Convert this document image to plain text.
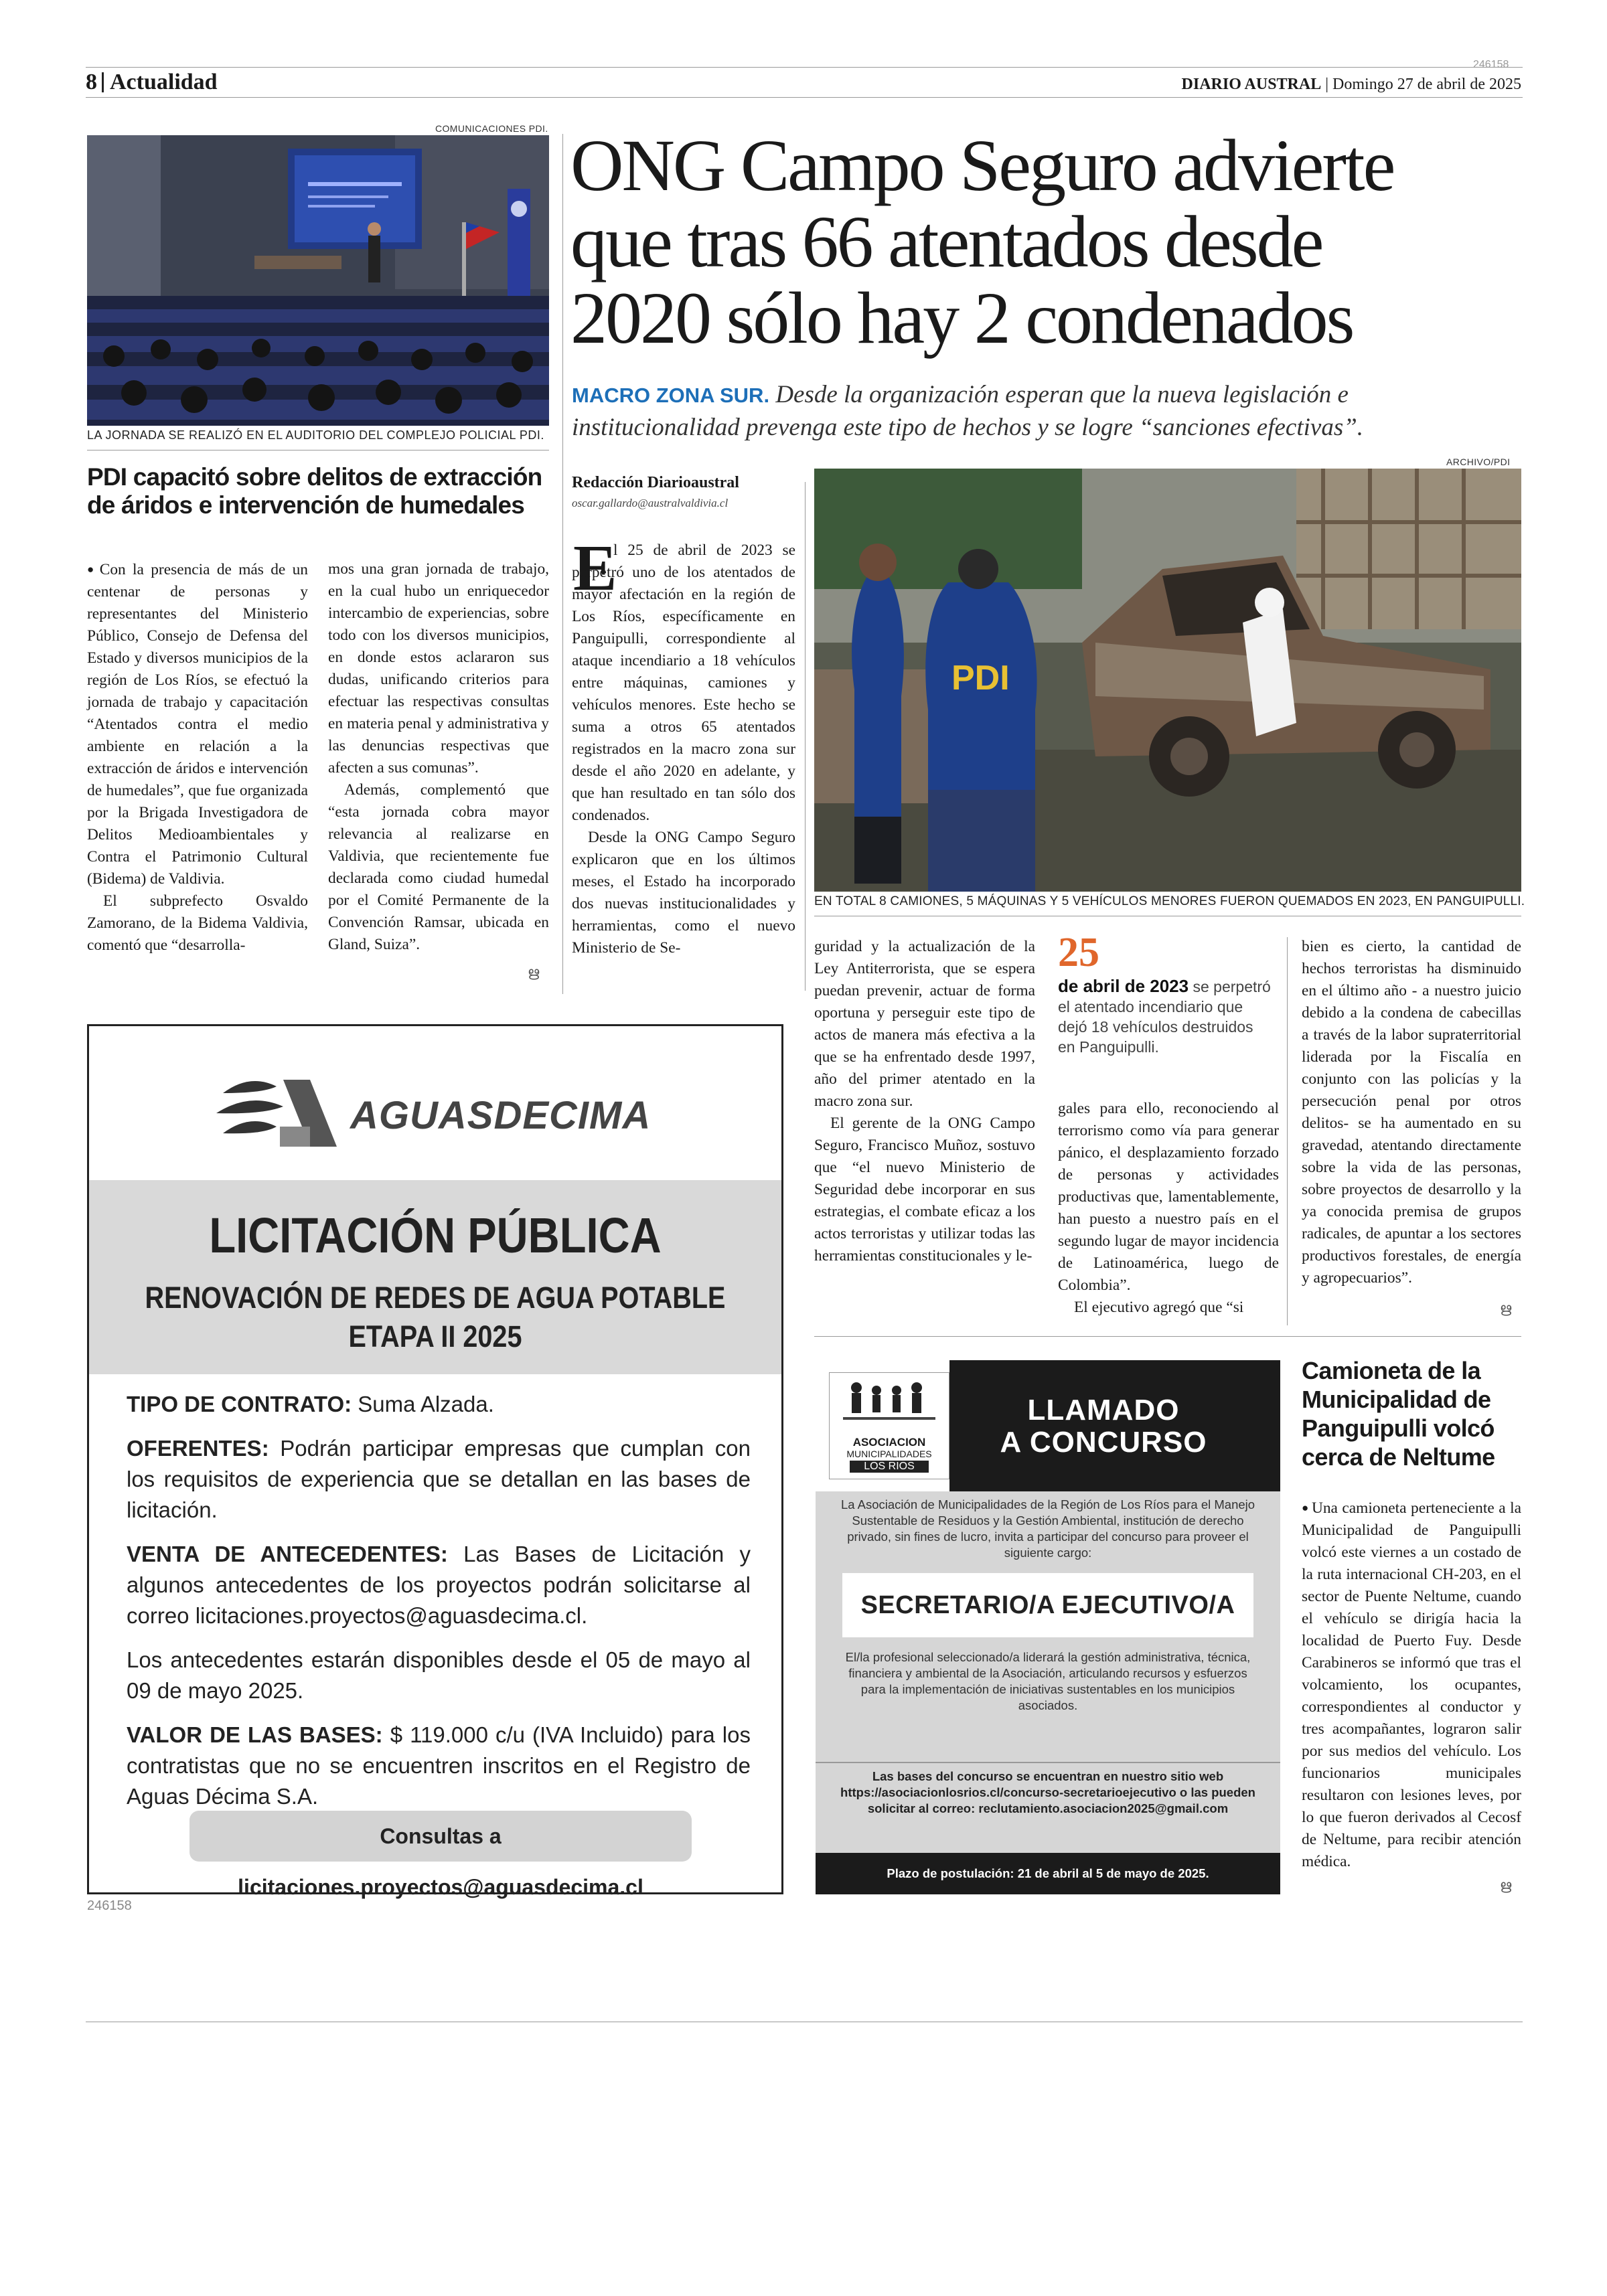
8 Actualidad
246158
DIARIO AUSTRAL | Domingo 27 de abril de 2025
COMUNICACIONES PDI.
LA JORNADA SE REALIZÓ EN EL AUDITORIO DEL COMPLEJO POLICIAL PDI.
PDI capacitó sobre delitos de extracción
de áridos e intervención de humedales

● Con la presencia de más de un centenar de personas y representantes del Ministerio Público, Consejo de Defensa del Estado y diversos municipios de la región de Los Ríos, se efectuó la jornada de trabajo y capacitación “Atentados contra el medio ambiente en relación a la extracción de áridos e intervención de humedales”, que fue organizada por la Brigada Investigadora de Delitos Medioambientales y Contra el Patrimonio Cultural (Bidema) de Valdivia.

El subprefecto Osvaldo Zamorano, de la Bidema Valdivia, comentó que “desarrolla-

mos una gran jornada de trabajo, en la cual hubo un enriquecedor intercambio de experiencias, sobre todo con los diversos municipios, en donde estos aclararon sus dudas, unificando criterios para efectuar las respectivas consultas en materia penal y administrativa y las denuncias respectivas que afecten a sus comunas”.

Además, complementó que “esta jornada cobra mayor relevancia al realizarse en Valdivia, que recientemente fue declarada como ciudad humedal por el Comité Permanente de la Convención Ramsar, ubicada en Gland, Suiza”.

ഋ
ONG Campo Seguro advierte
que tras 66 atentados desde
2020 sólo hay 2 condenados
MACRO ZONA SUR. Desde la organización esperan que la nueva legislación e
institucionalidad prevenga este tipo de hechos y se logre “sanciones efectivas”.
Redacción Diarioaustral
oscar.gallardo@australvaldivia.cl
ARCHIVO/PDI
PDI
EN TOTAL 8 CAMIONES, 5 MÁQUINAS Y 5 VEHÍCULOS MENORES FUERON QUEMADOS EN 2023, EN PANGUIPULLI.
E

l 25 de abril de 2023 se perpetró uno de los atentados de mayor afectación en la región de Los Ríos, específicamente en Panguipulli, correspondiente al ataque incendiario a 18 vehículos entre máquinas, camiones y vehículos menores. Este hecho se suma a otros 65 atentados registrados en la macro zona sur desde el año 2020 en adelante, y que han resultado en tan sólo dos condenados.

Desde la ONG Campo Seguro explicaron que en los últimos meses, el Estado ha incorporado dos nuevas institucionalidades y herramientas, como el nuevo Ministerio de Se-	guridad y la actualización de la Ley Antiterrorista, que se espera puedan prevenir, actuar de forma oportuna y perseguir este tipo de actos de manera más efectiva a la que se ha enfrentado desde 1997, año del primer atentado en la macro zona sur.

El gerente de la ONG Campo Seguro, Francisco Muñoz, sostuvo que “el nuevo Ministerio de Seguridad debe incorporar en sus estrategias, el combate eficaz a los actos terroristas y utilizar todas las herramientas constitucionales y le-

25
de abril de 2023 se perpetró el atentado incendiario que dejó 18 vehículos destruidos en Panguipulli.

gales para ello, reconociendo al terrorismo como vía para generar pánico, el desplazamiento forzado de personas y actividades productivas que, lamentablemente, han puesto a nuestro país en el segundo lugar de mayor incidencia de Latinoamérica, luego de Colombia”.

El ejecutivo agregó que “si

bien es cierto, la cantidad de hechos terroristas ha disminuido en el último año - a nuestro juicio debido a la condena de cabecillas a través de la labor supraterritorial liderada por la Fiscalía en conjunto con las policías y la persecución penal por otros delitos- se ha aumentado en su gravedad, atentando directamente sobre la vida de las personas, sobre proyectos de desarrollo y la ya conocida premisa de grupos radicales, de apuntar a los sectores productivos forestales, de energía y agropecuarios”.

ഋ
AGUASDECIMA
LICITACIÓN PÚBLICA
RENOVACIÓN DE REDES DE AGUA POTABLE
ETAPA II 2025

TIPO DE CONTRATO: Suma Alzada.

OFERENTES: Podrán participar empresas que cumplan con los requisitos de experiencia que se detallan en las bases de licitación.

VENTA DE ANTECEDENTES: Las Bases de Licitación y algunos antecedentes de los proyectos podrán solicitarse al correo licitaciones.proyectos@aguasdecima.cl.

Los antecedentes estarán disponibles desde el 05 de mayo al 09 de mayo 2025.

VALOR DE LAS BASES: $ 119.000 c/u (IVA Incluido) para los contratistas que no se encuentren inscritos en el Registro de Aguas Décima S.A.

Consultas a licitaciones.proyectos@aguasdecima.cl
246158
ASOCIACION
MUNICIPALIDADES
LOS RIOS
LLAMADO
A CONCURSO
La Asociación de Municipalidades de la Región de Los Ríos para el Manejo Sustentable de Residuos y la Gestión Ambiental, institución de derecho privado, sin fines de lucro, invita a participar del concurso para proveer el siguiente cargo:
SECRETARIO/A EJECUTIVO/A
El/la profesional seleccionado/a liderará la gestión administrativa, técnica, financiera y ambiental de la Asociación, articulando recursos y esfuerzos para la implementación de iniciativas sustentables en los municipios asociados.
Las bases del concurso se encuentran en nuestro sitio web https://asociacionlosrios.cl/concurso-secretarioejecutivo o las pueden solicitar al correo: reclutamiento.asociacion2025@gmail.com
Plazo de postulación: 21 de abril al 5 de mayo de 2025.
Camioneta de la
Municipalidad de
Panguipulli volcó
cerca de Neltume

● Una camioneta perteneciente a la Municipalidad de Panguipulli volcó este viernes a un costado de la ruta internacional CH-203, en el sector de Puente Neltume, cuando el vehículo se dirigía hacia la localidad de Puerto Fuy. Desde Carabineros se informó que tras el volcamiento, los ocupantes, correspondientes al conductor y tres acompañantes, lograron salir por sus medios del vehículo. Los funcionarios municipales resultaron con lesiones leves, por lo que fueron derivados al Cecosf de Neltume, para recibir atención médica.

ഋ
